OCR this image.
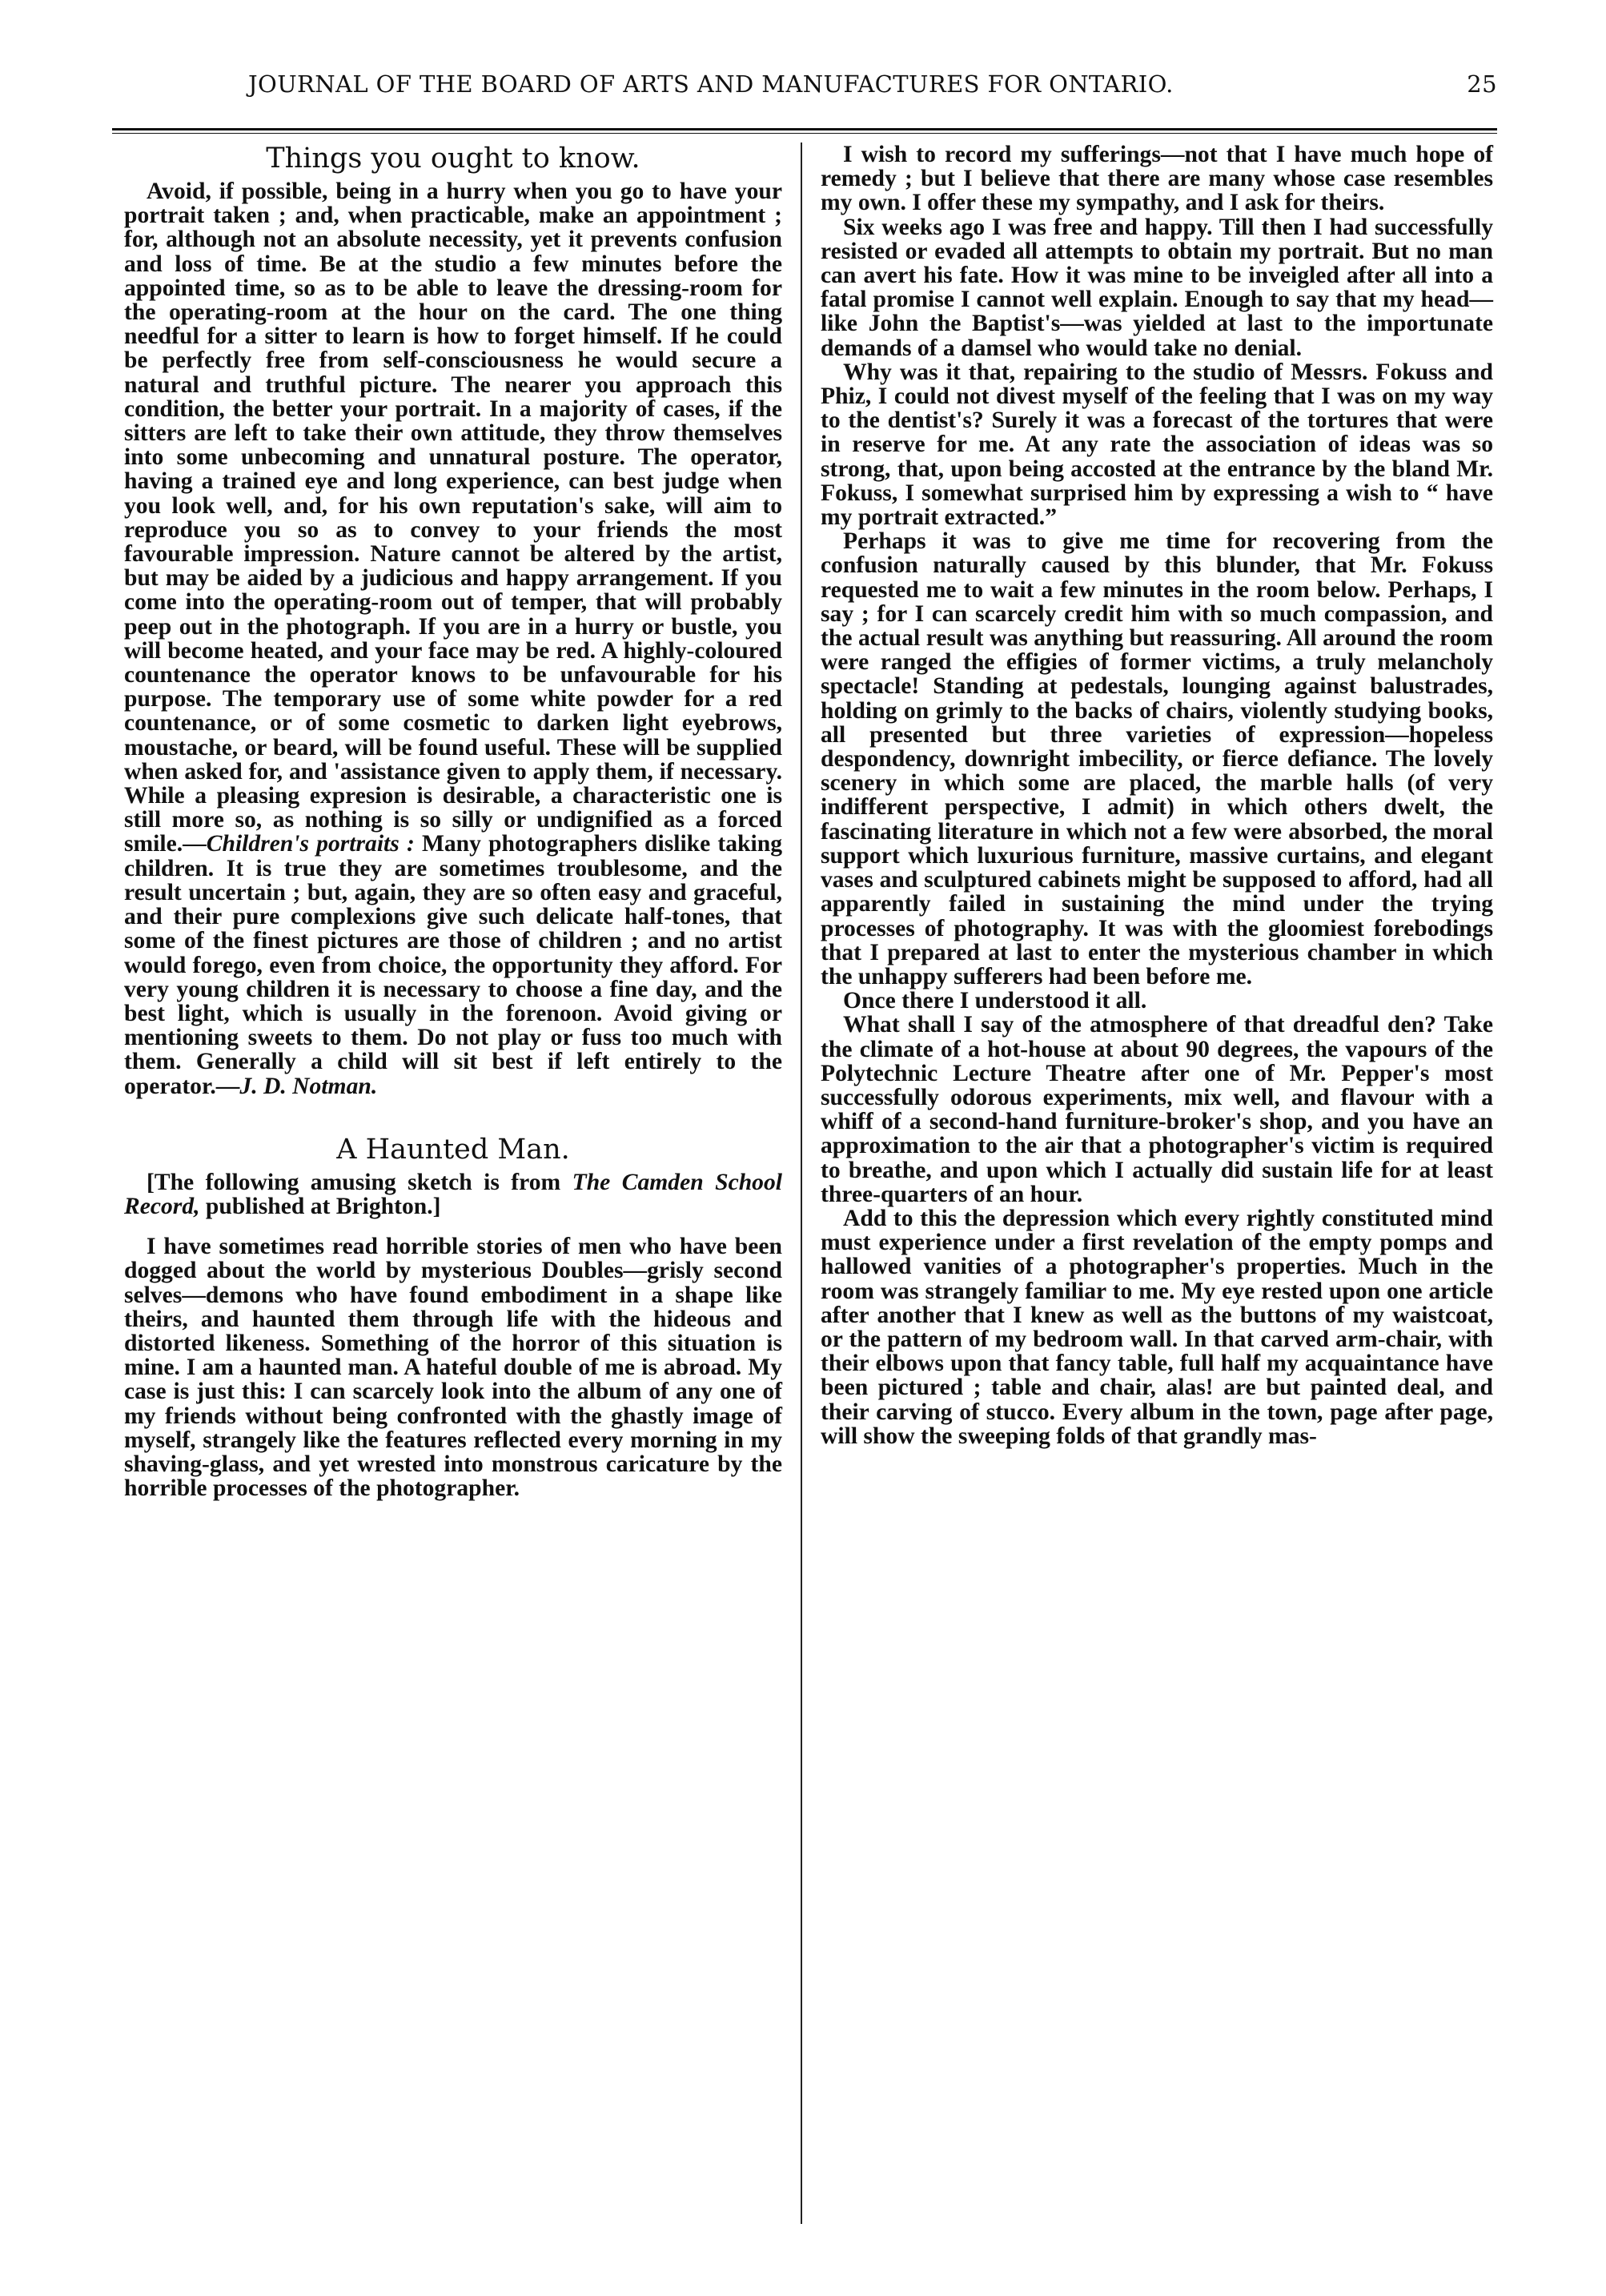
JOURNAL OF THE BOARD OF ARTS AND MANUFACTURES FOR ONTARIO.	25
Things you ought to know.

Avoid, if possible, being in a hurry when you go to have your portrait taken ; and, when practicable, make an appointment ; for, although not an absolute necessity, yet it prevents confusion and loss of time. Be at the studio a few minutes before the appointed time, so as to be able to leave the dressing-room for the operating-room at the hour on the card. The one thing needful for a sitter to learn is how to forget himself. If he could be perfectly free from self-consciousness he would secure a natural and truthful picture. The nearer you approach this condition, the better your portrait. In a majority of cases, if the sitters are left to take their own attitude, they throw themselves into some unbecoming and unnatural posture. The operator, having a trained eye and long experience, can best judge when you look well, and, for his own reputation's sake, will aim to reproduce you so as to convey to your friends the most favourable impression. Nature cannot be altered by the artist, but may be aided by a judicious and happy arrangement. If you come into the operating-room out of temper, that will probably peep out in the photograph. If you are in a hurry or bustle, you will become heated, and your face may be red. A highly-coloured countenance the operator knows to be unfavourable for his purpose. The temporary use of some white powder for a red countenance, or of some cosmetic to darken light eyebrows, moustache, or beard, will be found useful. These will be supplied when asked for, and 'assistance given to apply them, if necessary. While a pleasing expresion is desirable, a characteristic one is still more so, as nothing is so silly or undignified as a forced smile.—Children's portraits : Many photographers dislike taking children. It is true they are sometimes troublesome, and the result uncertain ; but, again, they are so often easy and graceful, and their pure complexions give such delicate half-tones, that some of the finest pictures are those of children ; and no artist would forego, even from choice, the opportunity they afford. For very young children it is necessary to choose a fine day, and the best light, which is usually in the forenoon. Avoid giving or mentioning sweets to them. Do not play or fuss too much with them. Generally a child will sit best if left entirely to the operator.—J. D. Notman.

A Haunted Man.

[The following amusing sketch is from The Camden School Record, published at Brighton.]

I have sometimes read horrible stories of men who have been dogged about the world by mysterious Doubles—grisly second selves—demons who have found embodiment in a shape like theirs, and haunted them through life with the hideous and distorted likeness. Something of the horror of this situation is mine. I am a haunted man. A hateful double of me is abroad. My case is just this: I can scarcely look into the album of any one of my friends without being confronted with the ghastly image of myself, strangely like the features reflected every morning in my shaving-glass, and yet wrested into monstrous caricature by the horrible processes of the photographer.

I wish to record my sufferings—not that I have much hope of remedy ; but I believe that there are many whose case resembles my own. I offer these my sympathy, and I ask for theirs.

Six weeks ago I was free and happy. Till then I had successfully resisted or evaded all attempts to obtain my portrait. But no man can avert his fate. How it was mine to be inveigled after all into a fatal promise I cannot well explain. Enough to say that my head—like John the Baptist's—was yielded at last to the importunate demands of a damsel who would take no denial.

Why was it that, repairing to the studio of Messrs. Fokuss and Phiz, I could not divest myself of the feeling that I was on my way to the dentist's? Surely it was a forecast of the tortures that were in reserve for me. At any rate the association of ideas was so strong, that, upon being accosted at the entrance by the bland Mr. Fokuss, I somewhat surprised him by expressing a wish to “ have my portrait extracted.”

Perhaps it was to give me time for recovering from the confusion naturally caused by this blunder, that Mr. Fokuss requested me to wait a few minutes in the room below. Perhaps, I say ; for I can scarcely credit him with so much compassion, and the actual result was anything but reassuring. All around the room were ranged the effigies of former victims, a truly melancholy spectacle! Standing at pedestals, lounging against balustrades, holding on grimly to the backs of chairs, violently studying books, all presented but three varieties of expression—hopeless despondency, downright imbecility, or fierce defiance. The lovely scenery in which some are placed, the marble halls (of very indifferent perspective, I admit) in which others dwelt, the fascinating literature in which not a few were absorbed, the moral support which luxurious furniture, massive curtains, and elegant vases and sculptured cabinets might be supposed to afford, had all apparently failed in sustaining the mind under the trying processes of photography. It was with the gloomiest forebodings that I prepared at last to enter the mysterious chamber in which the unhappy sufferers had been before me.

Once there I understood it all.

What shall I say of the atmosphere of that dreadful den? Take the climate of a hot-house at about 90 degrees, the vapours of the Polytechnic Lecture Theatre after one of Mr. Pepper's most successfully odorous experiments, mix well, and flavour with a whiff of a second-hand furniture-broker's shop, and you have an approximation to the air that a photographer's victim is required to breathe, and upon which I actually did sustain life for at least three-quarters of an hour.

Add to this the depression which every rightly constituted mind must experience under a first revelation of the empty pomps and hallowed vanities of a photographer's properties. Much in the room was strangely familiar to me. My eye rested upon one article after another that I knew as well as the buttons of my waistcoat, or the pattern of my bedroom wall. In that carved arm-chair, with their elbows upon that fancy table, full half my acquaintance have been pictured ; table and chair, alas! are but painted deal, and their carving of stucco. Every album in the town, page after page, will show the sweeping folds of that grandly mas-
